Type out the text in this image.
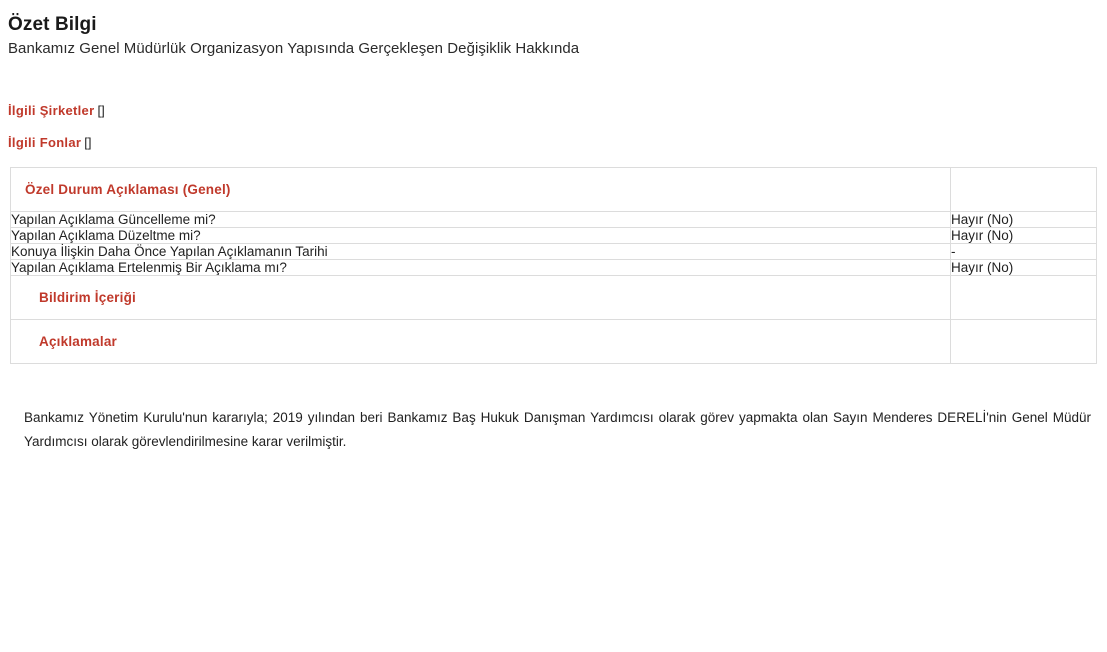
Özet Bilgi
Bankamız Genel Müdürlük Organizasyon Yapısında Gerçekleşen Değişiklik Hakkında
İlgili Şirketler []
İlgili Fonlar []
Özel Durum Açıklaması (Genel)	

Yapılan Açıklama Güncelleme mi?	Hayır (No)
Yapılan Açıklama Düzeltme mi?	Hayır (No)
Konuya İlişkin Daha Önce Yapılan Açıklamanın Tarihi	-
Yapılan Açıklama Ertelenmiş Bir Açıklama mı?	Hayır (No)

Bildirim İçeriği	

Açıklamalar	

Bankamız Yönetim Kurulu'nun kararıyla; 2019 yılından beri Bankamız Baş Hukuk Danışman Yardımcısı olarak görev yapmakta olan Sayın Menderes DERELİ'nin Genel Müdür Yardımcısı olarak görevlendirilmesine karar verilmiştir.
